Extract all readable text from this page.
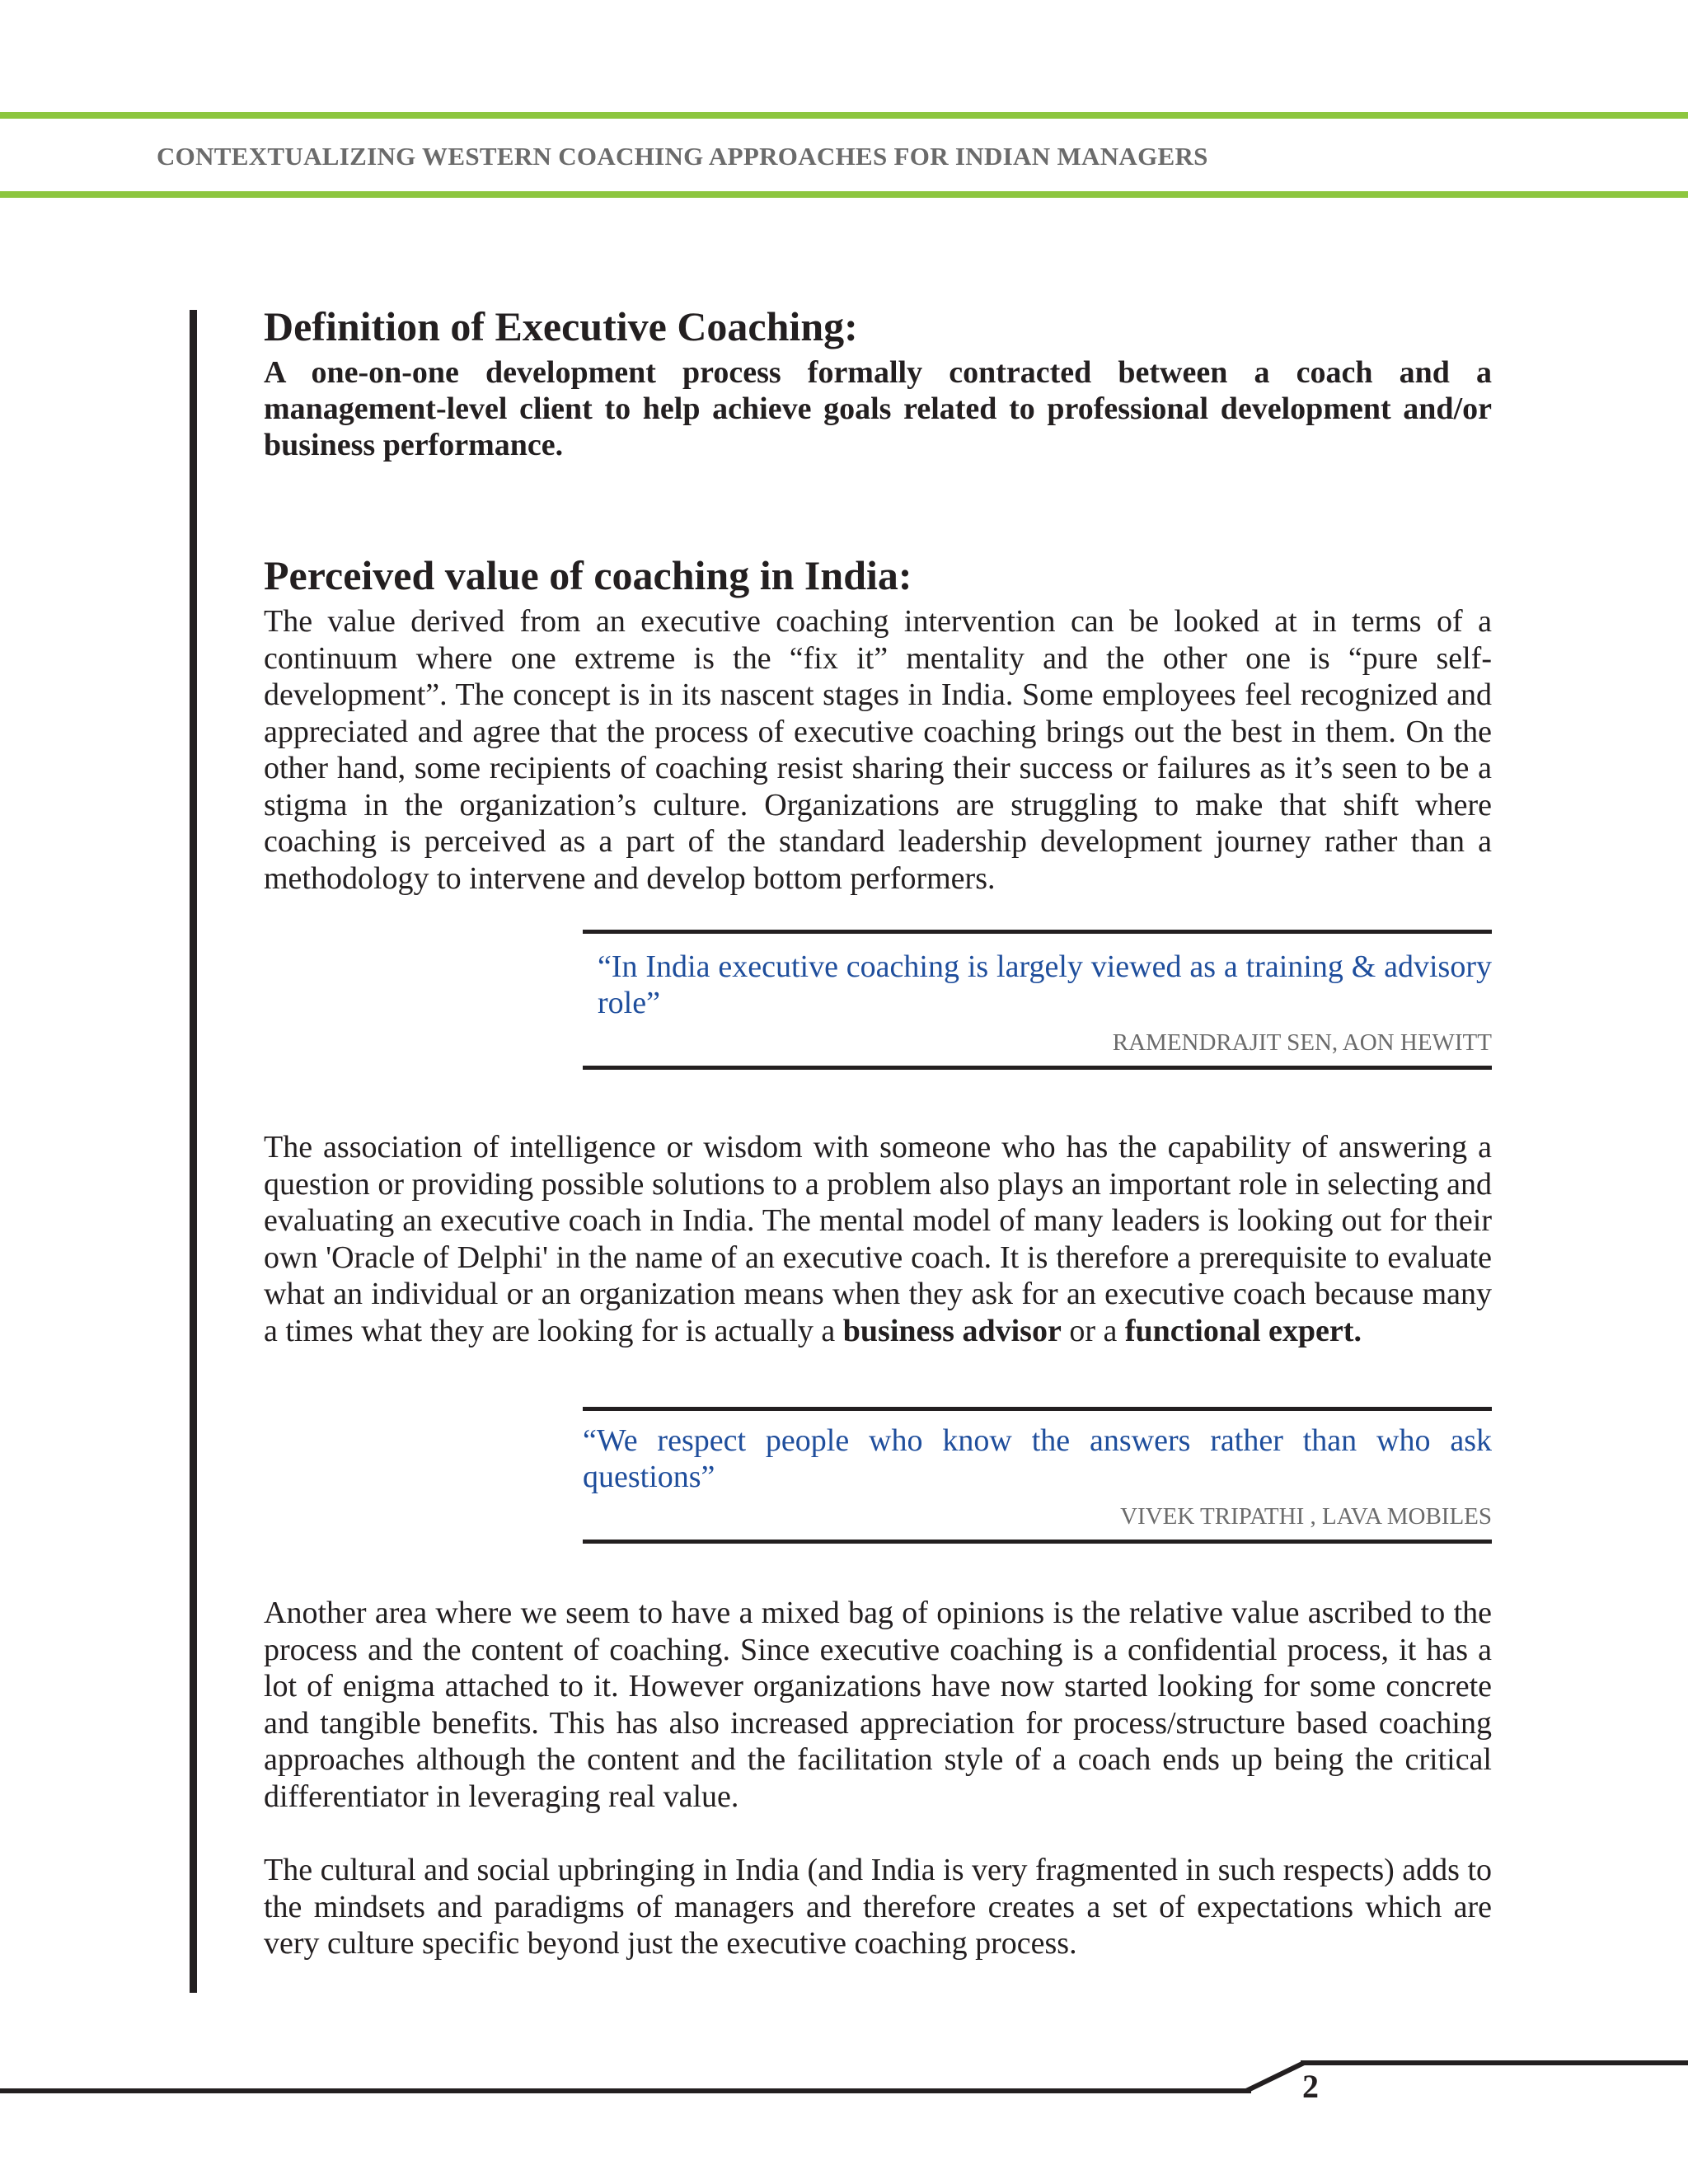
CONTEXTUALIZING WESTERN COACHING APPROACHES FOR INDIAN MANAGERS
Definition of Executive Coaching:

A one-on-one development process formally contracted between a coach and a management-level client to help achieve goals related to professional development and/or business performance.

Perceived value of coaching in India:

The value derived from an executive coaching intervention can be looked at in terms of a continuum where one extreme is the “fix it” mentality and the other one is “pure self-development”. The concept is in its nascent stages in India. Some employees feel recognized and appreciated and agree that the process of executive coaching brings out the best in them. On the other hand, some recipients of coaching resist sharing their success or failures as it’s seen to be a stigma in the organization’s culture. Organizations are struggling to make that shift where coaching is perceived as a part of the standard leadership development journey rather than a methodology to intervene and develop bottom performers.

“In India executive coaching is largely viewed as a training & advisory role”
RAMENDRAJIT SEN, AON HEWITT

The association of intelligence or wisdom with someone who has the capability of answering a question or providing possible solutions to a problem also plays an important role in selecting and evaluating an executive coach in India. The mental model of many leaders is looking out for their own 'Oracle of Delphi' in the name of an executive coach. It is therefore a prerequisite to evaluate what an individual or an organization means when they ask for an executive coach because many a times what they are looking for is actually a business advisor or a functional expert.

“We respect people who know the answers rather than who ask questions”
VIVEK TRIPATHI , LAVA MOBILES

Another area where we seem to have a mixed bag of opinions is the relative value ascribed to the process and the content of coaching. Since executive coaching is a confidential process, it has a lot of enigma attached to it. However organizations have now started looking for some concrete and tangible benefits. This has also increased appreciation for process/structure based coaching approaches although the content and the facilitation style of a coach ends up being the critical differentiator in leveraging real value.

The cultural and social upbringing in India (and India is very fragmented in such respects) adds to the mindsets and paradigms of managers and therefore creates a set of expectations which are very culture specific beyond just the executive coaching process.

2
